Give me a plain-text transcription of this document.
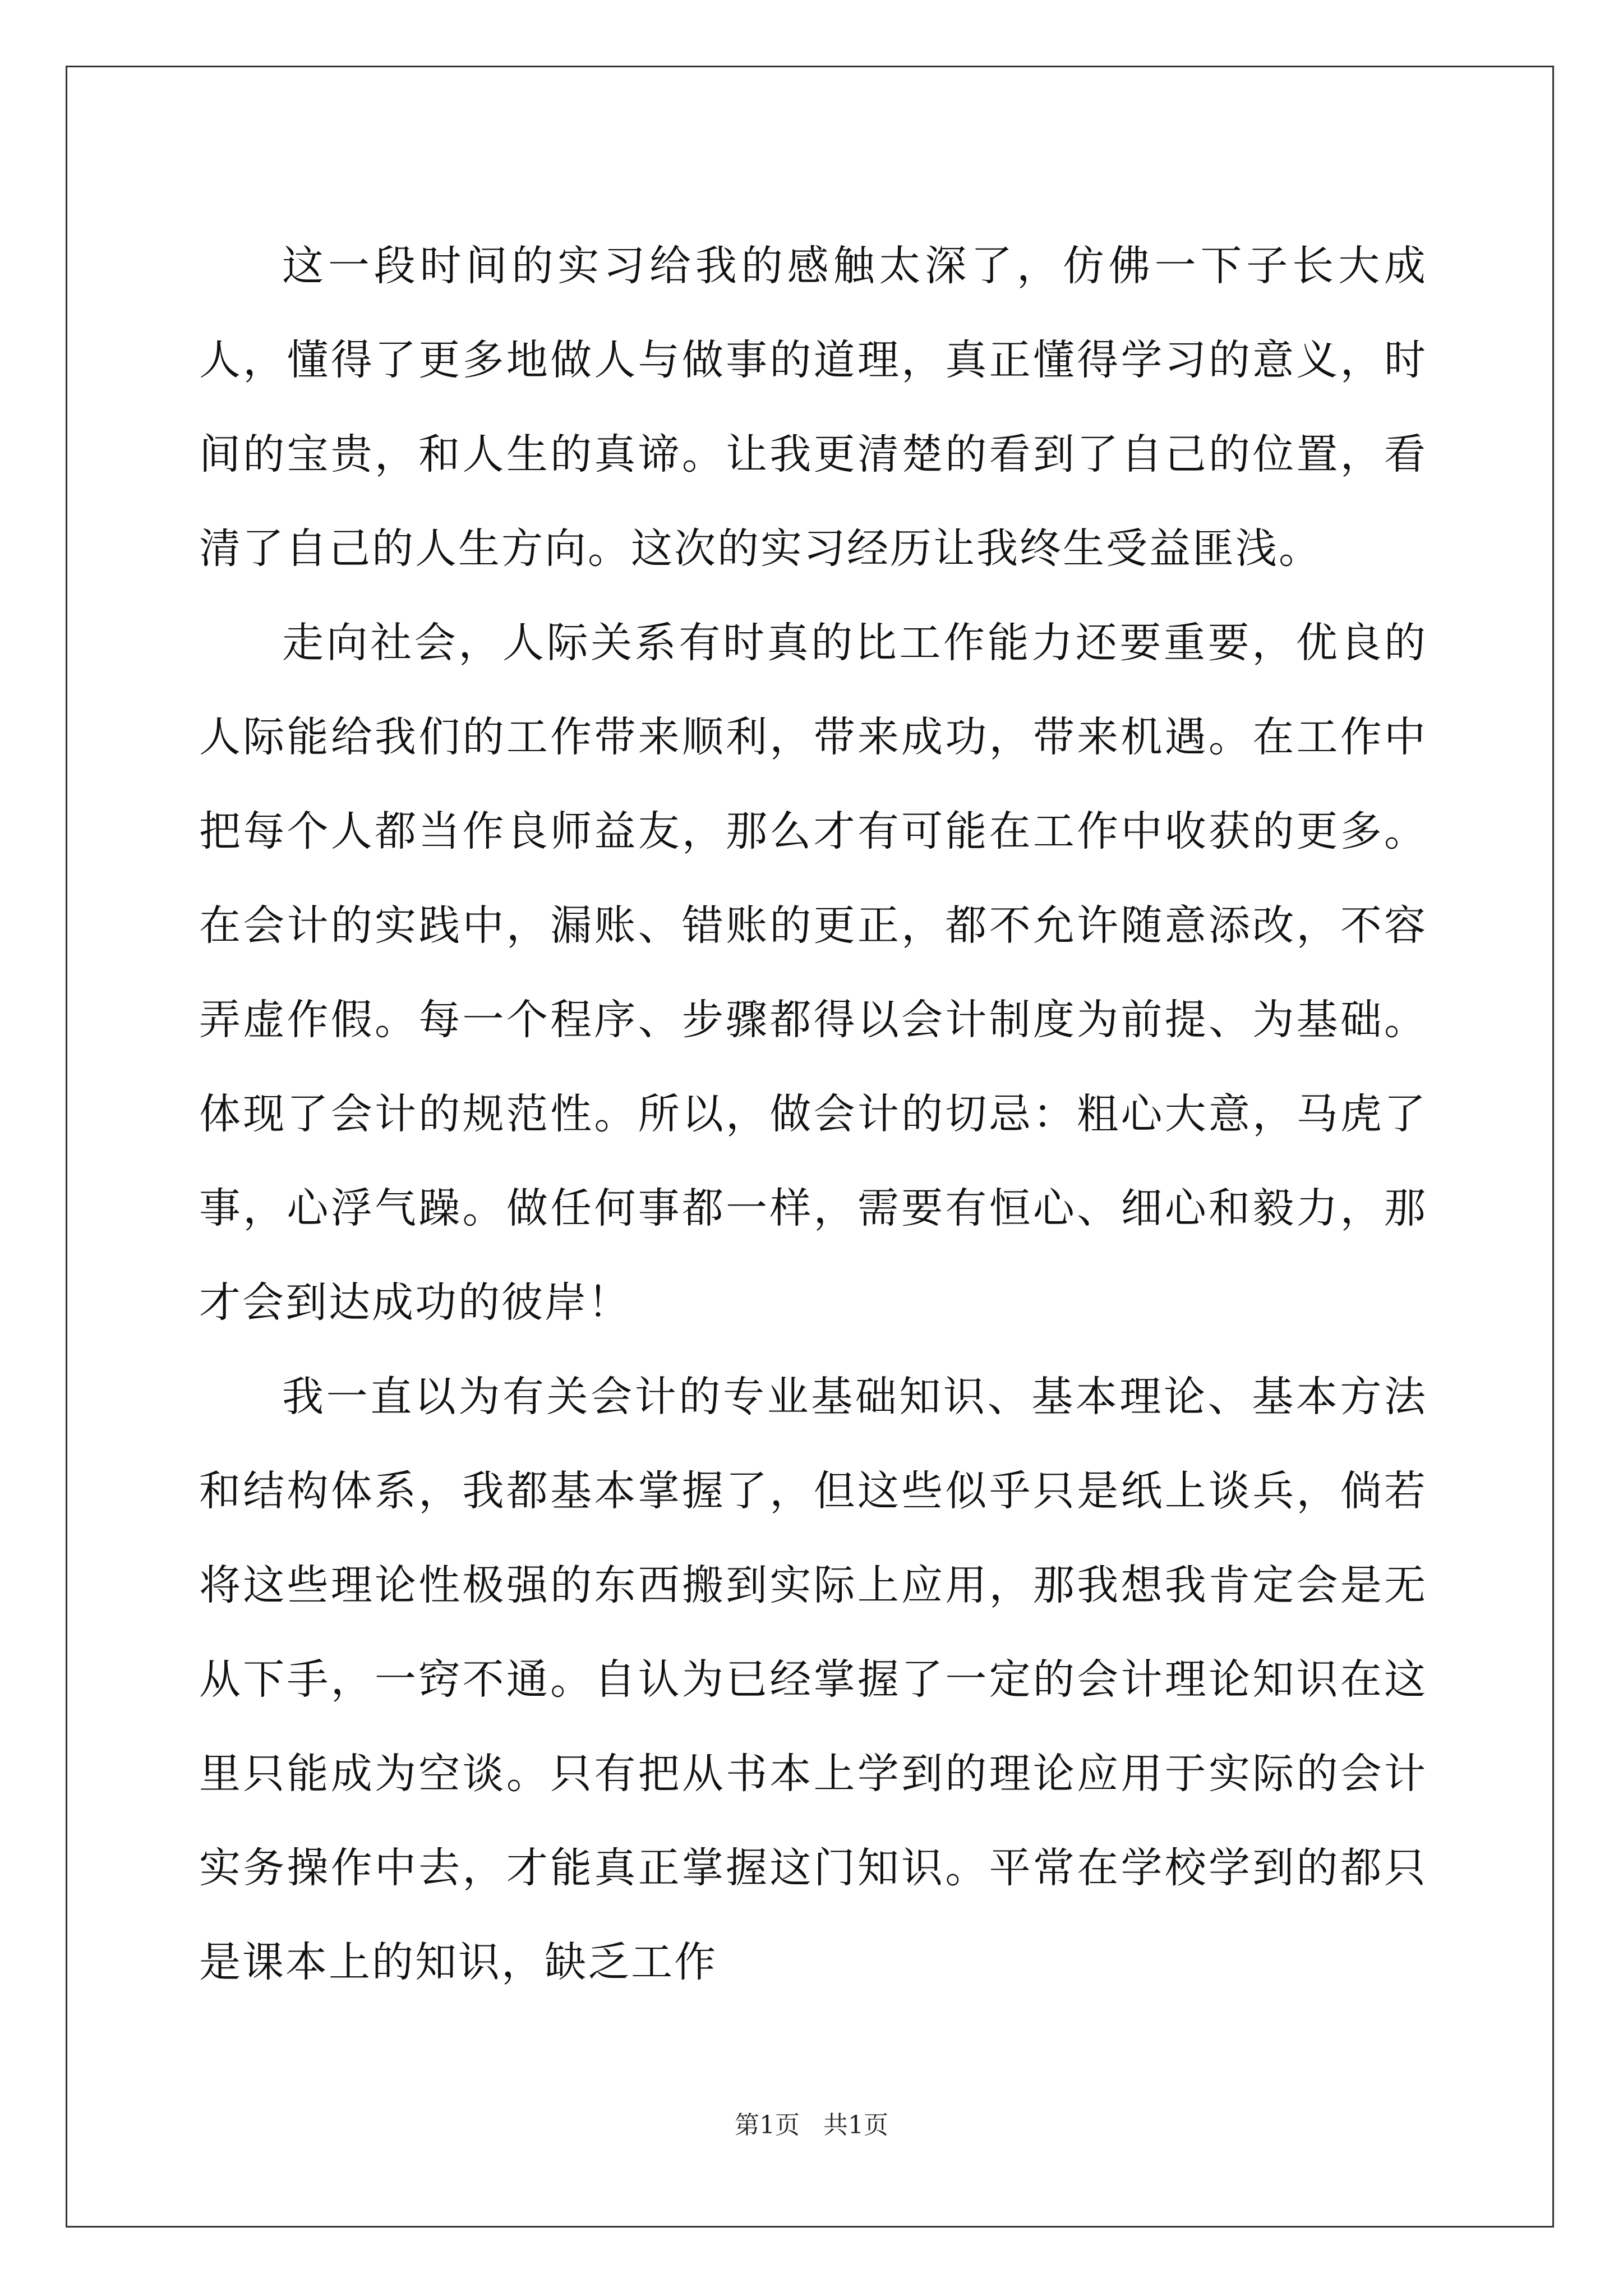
这一段时间的实习给我的感触太深了，仿佛一下子长大成人，懂得了更多地做人与做事的道理，真正懂得学习的意义，时间的宝贵，和人生的真谛。让我更清楚的看到了自己的位置，看清了自己的人生方向。这次的实习经历让我终生受益匪浅。

走向社会，人际关系有时真的比工作能力还要重要，优良的人际能给我们的工作带来顺利，带来成功，带来机遇。在工作中把每个人都当作良师益友，那么才有可能在工作中收获的更多。在会计的实践中，漏账、错账的更正，都不允许随意添改，不容弄虚作假。每一个程序、步骤都得以会计制度为前提、为基础。体现了会计的规范性。所以，做会计的切忌：粗心大意，马虎了事，心浮气躁。做任何事都一样，需要有恒心、细心和毅力，那才会到达成功的彼岸！

我一直以为有关会计的专业基础知识、基本理论、基本方法和结构体系，我都基本掌握了，但这些似乎只是纸上谈兵，倘若将这些理论性极强的东西搬到实际上应用，那我想我肯定会是无从下手，一窍不通。自认为已经掌握了一定的会计理论知识在这里只能成为空谈。只有把从书本上学到的理论应用于实际的会计实务操作中去，才能真正掌握这门知识。平常在学校学到的都只是课本上的知识，缺乏工作

第1页 共1页
